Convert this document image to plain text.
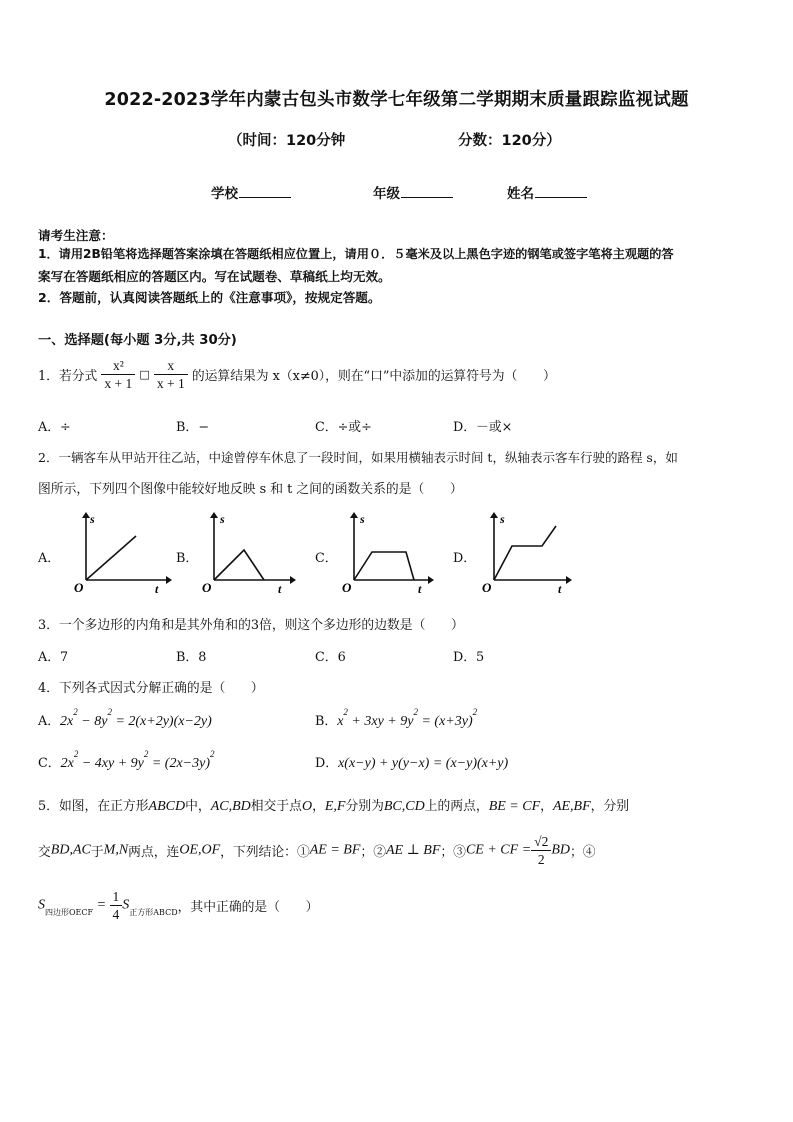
2022-2023学年内蒙古包头市数学七年级第二学期期末质量跟踪监视试题
（时间：120分钟	分数：120分）
学校	年级	姓名
请考生注意：
1．请用2B铅笔将选择题答案涂填在答题纸相应位置上，请用０．５毫米及以上黑色字迹的钢笔或签字笔将主观题的答
案写在答题纸相应的答题区内。写在试题卷、草稿纸上均无效。
2．答题前，认真阅读答题纸上的《注意事项》，按规定答题。
一、选择题(每小题 3分,共 30分)
1．若分式 $\frac{\text{x²}}{x + 1}$ □ $\frac{x}{x + 1}$ 的运算结果为 x（x≠0），则在“口”中添加的运算符号为（　　）
A．÷	B．−	C．÷或÷	D．－或×
2．一辆客车从甲站开往乙站，中途曾停车休息了一段时间，如果用横轴表示时间 t，纵轴表示客车行驶的路程 s，如
图所示，下列四个图像中能较好地反映 s 和 t 之间的函数关系的是（　　）
A．	B．	C．	D．
s
O	t
s
O	t
s
O	t
s
O	t
3．一个多边形的内角和是其外角和的3倍，则这个多边形的边数是（　　）
A．7	B．8	C．6	D．5
4．下列各式因式分解正确的是（　　）
A．$2x^2 - 8y^2 = 2(x+2y)(x-2y)$	B．$x^2 + 3xy + 9y^2 = (x+3y)^2$
C．$2x^2 - 4xy + 9y^2 = (2x-3y)^2$
D．x(x−y) + y(y−x) = (x−y)(x+y)
5．如图，在正方形ABCD中，AC,BD相交于点O，E,F分别为BC,CD上的两点，BE = CF，AE,BF，分别
交BD,AC于M,N两点，连OE,OF，下列结论：①AE = BF；②AE ⊥ BF；③CE + CF = $\frac{√2}{2}$ BD；④
$S_{四边形OECF} = \frac{1}{4} S_{正方形ABCD}$，其中正确的是（　　）
